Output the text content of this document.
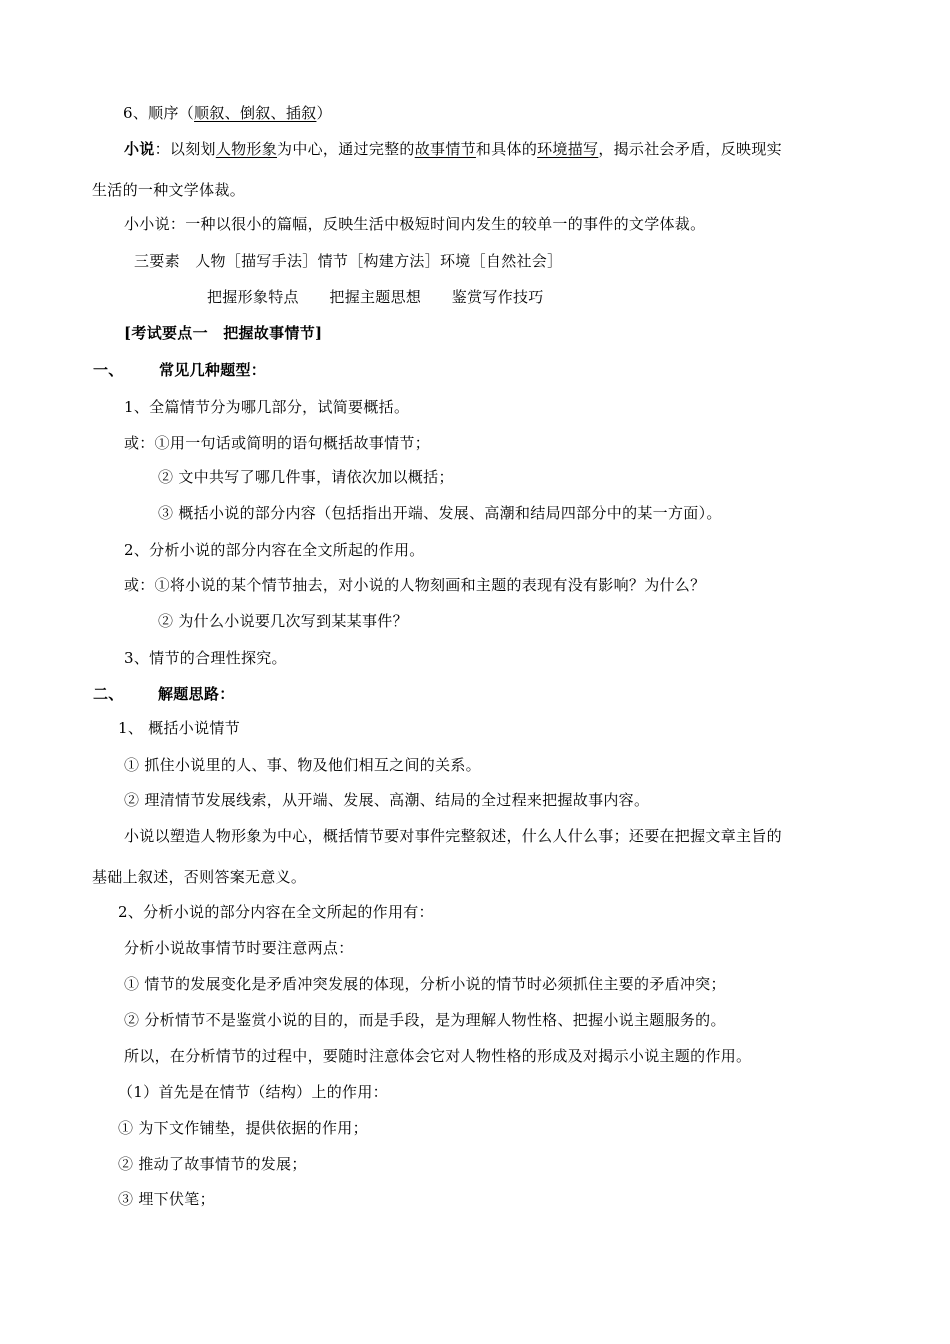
6、顺序（顺叙、倒叙、插叙）
小说：以刻划人物形象为中心，通过完整的故事情节和具体的环境描写，揭示社会矛盾，反映现实
生活的一种文学体裁。
小小说：一种以很小的篇幅，反映生活中极短时间内发生的较单一的事件的文学体裁。
三要素　人物［描写手法］情节［构建方法］环境［自然社会］
把握形象特点　　把握主题思想　　鉴赏写作技巧
[考试要点一　把握故事情节]
一、 常见几种题型：
1、全篇情节分为哪几部分，试简要概括。
或：①用一句话或简明的语句概括故事情节；
② 文中共写了哪几件事，请依次加以概括；
③ 概括小说的部分内容（包括指出开端、发展、高潮和结局四部分中的某一方面）。
2、分析小说的部分内容在全文所起的作用。
或：①将小说的某个情节抽去，对小说的人物刻画和主题的表现有没有影响？为什么？
② 为什么小说要几次写到某某事件？
3、情节的合理性探究。
二、 解题思路：
1、 概括小说情节
① 抓住小说里的人、事、物及他们相互之间的关系。
② 理清情节发展线索，从开端、发展、高潮、结局的全过程来把握故事内容。
小说以塑造人物形象为中心，概括情节要对事件完整叙述，什么人什么事；还要在把握文章主旨的
基础上叙述，否则答案无意义。
2、分析小说的部分内容在全文所起的作用有：
分析小说故事情节时要注意两点：
① 情节的发展变化是矛盾冲突发展的体现，分析小说的情节时必须抓住主要的矛盾冲突；
② 分析情节不是鉴赏小说的目的，而是手段，是为理解人物性格、把握小说主题服务的。
所以，在分析情节的过程中，要随时注意体会它对人物性格的形成及对揭示小说主题的作用。
（1）首先是在情节（结构）上的作用：
① 为下文作铺垫，提供依据的作用；
② 推动了故事情节的发展；
③ 埋下伏笔；
